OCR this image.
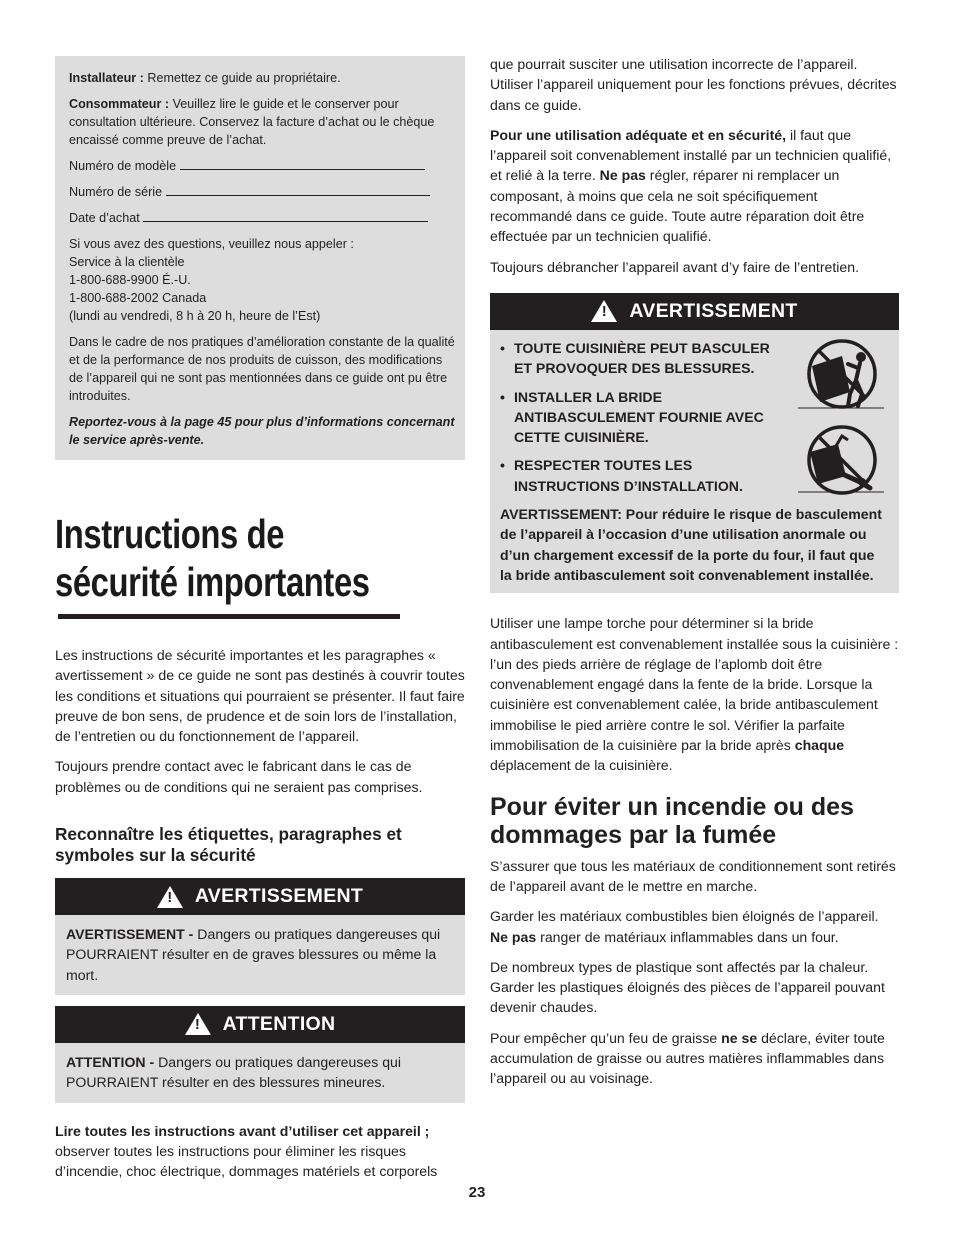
Installateur : Remettez ce guide au propriétaire.

Consommateur : Veuillez lire le guide et le conserver pour consultation ultérieure. Conservez la facture d’achat ou le chèque encaissé comme preuve de l’achat.

Numéro de modèle

Numéro de série

Date d’achat

Si vous avez des questions, veuillez nous appeler :
Service à la clientèle
1-800-688-9900 É.-U.
1-800-688-2002 Canada
(lundi au vendredi, 8 h à 20 h, heure de l’Est)

Dans le cadre de nos pratiques d’amélioration constante de la qualité et de la performance de nos produits de cuisson, des modifications de l’appareil qui ne sont pas mentionnées dans ce guide ont pu être introduites.

Reportez-vous à la page 45 pour plus d’informations concernant le service après-vente.

Instructions de
sécurité importantes

Les instructions de sécurité importantes et les paragraphes « avertissement » de ce guide ne sont pas destinés à couvrir toutes les conditions et situations qui pourraient se présenter. Il faut faire preuve de bon sens, de prudence et de soin lors de l’installation, de l’entretien ou du fonctionnement de l’appareil.

Toujours prendre contact avec le fabricant dans le cas de problèmes ou de conditions qui ne seraient pas comprises.

Reconnaître les étiquettes, paragraphes et symboles sur la sécurité
! AVERTISSEMENT
AVERTISSEMENT - Dangers ou pratiques dangereuses qui POURRAIENT résulter en de graves blessures ou même la mort.
! ATTENTION
ATTENTION - Dangers ou pratiques dangereuses qui POURRAIENT résulter en des blessures mineures.

Lire toutes les instructions avant d’utiliser cet appareil ;
observer toutes les instructions pour éliminer les risques d’incendie, choc électrique, dommages matériels et corporels

que pourrait susciter une utilisation incorrecte de l’appareil. Utiliser l’appareil uniquement pour les fonctions prévues, décrites dans ce guide.

Pour une utilisation adéquate et en sécurité, il faut que l’appareil soit convenablement installé par un technicien qualifié, et relié à la terre. Ne pas régler, réparer ni remplacer un composant, à moins que cela ne soit spécifiquement recommandé dans ce guide. Toute autre réparation doit être effectuée par un technicien qualifié.

Toujours débrancher l’appareil avant d’y faire de l’entretien.

! AVERTISSEMENT
• TOUTE CUISINIÈRE PEUT BASCULER ET PROVOQUER DES BLESSURES.
• INSTALLER LA BRIDE ANTIBASCULEMENT FOURNIE AVEC CETTE CUISINIÈRE.
• RESPECTER TOUTES LES INSTRUCTIONS D’INSTALLATION.

AVERTISSEMENT: Pour réduire le risque de basculement de l’appareil à l’occasion d’une utilisation anormale ou d’un chargement excessif de la porte du four, il faut que la bride antibasculement soit convenablement installée.

Utiliser une lampe torche pour déterminer si la bride antibasculement est convenablement installée sous la cuisinière : l’un des pieds arrière de réglage de l’aplomb doit être convenablement engagé dans la fente de la bride. Lorsque la cuisinière est convenablement calée, la bride antibasculement immobilise le pied arrière contre le sol. Vérifier la parfaite immobilisation de la cuisinière par la bride après chaque déplacement de la cuisinière.

Pour éviter un incendie ou des dommages par la fumée

S’assurer que tous les matériaux de conditionnement sont retirés de l’appareil avant de le mettre en marche.

Garder les matériaux combustibles bien éloignés de l’appareil. Ne pas ranger de matériaux inflammables dans un four.

De nombreux types de plastique sont affectés par la chaleur. Garder les plastiques éloignés des pièces de l’appareil pouvant devenir chaudes.

Pour empêcher qu’un feu de graisse ne se déclare, éviter toute accumulation de graisse ou autres matières inflammables dans l’appareil ou au voisinage.

23
